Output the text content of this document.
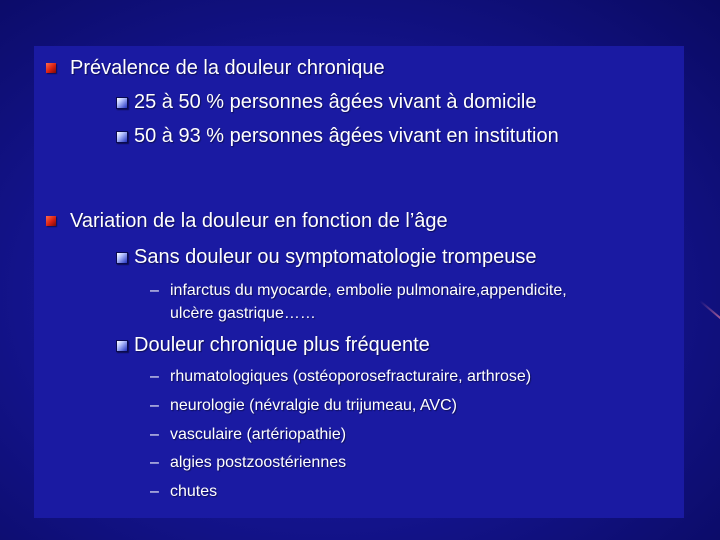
Prévalence de la douleur chronique
25 à 50 % personnes âgées vivant à domicile
50 à 93 % personnes âgées vivant en institution
Variation de la douleur en fonction de l’âge
Sans douleur ou symptomatologie trompeuse
– infarctus du myocarde, embolie pulmonaire,appendicite,
ulcère gastrique……
Douleur chronique plus fréquente
– rhumatologiques (ostéoporosefracturaire, arthrose)
– neurologie (névralgie du trijumeau, AVC)
– vasculaire (artériopathie)
– algies postzoostériennes
– chutes
